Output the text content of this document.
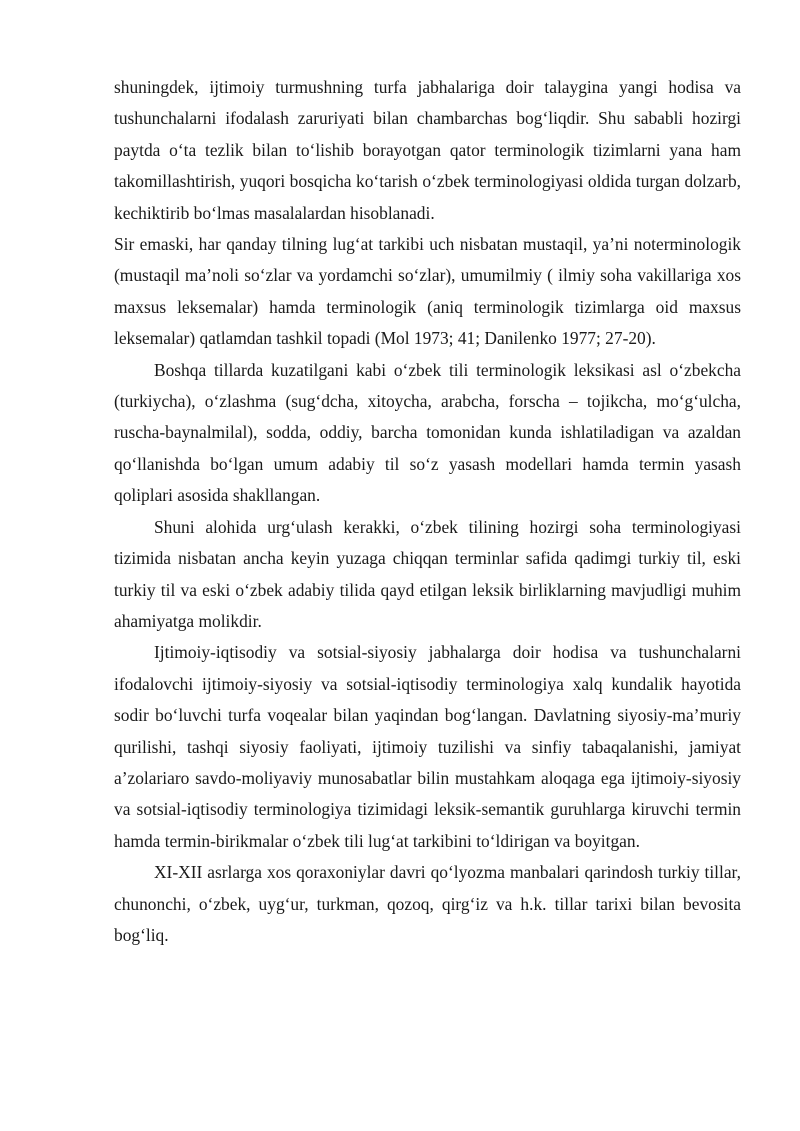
shuningdek, ijtimoiy turmushning turfa jabhalariga doir talaygina yangi hodisa va tushunchalarni ifodalash zaruriyati bilan chambarchas bog‘liqdir. Shu sababli hozirgi paytda o‘ta tezlik bilan to‘lishib borayotgan qator terminologik tizimlarni yana ham takomillashtirish, yuqori bosqicha ko‘tarish o‘zbek terminologiyasi oldida turgan dolzarb, kechiktirib bo‘lmas masalalardan hisoblanadi.

Sir emaski, har qanday tilning lug‘at tarkibi uch nisbatan mustaqil, ya’ni noterminologik (mustaqil ma’noli so‘zlar va yordamchi so‘zlar), umumilmiy ( ilmiy soha vakillariga xos maxsus leksemalar) hamda terminologik (aniq terminologik tizimlarga oid maxsus leksemalar) qatlamdan tashkil topadi (Mol 1973; 41; Danilenko 1977; 27-20).

Boshqa tillarda kuzatilgani kabi o‘zbek tili terminologik leksikasi asl o‘zbekcha (turkiycha), o‘zlashma (sug‘dcha, xitoycha, arabcha, forscha – tojikcha, mo‘g‘ulcha, ruscha-baynalmilal), sodda, oddiy, barcha tomonidan kunda ishlatiladigan va azaldan qo‘llanishda bo‘lgan umum adabiy til so‘z yasash modellari hamda termin yasash qoliplari asosida shakllangan.

Shuni alohida urg‘ulash kerakki, o‘zbek tilining hozirgi soha terminologiyasi tizimida nisbatan ancha keyin yuzaga chiqqan terminlar safida qadimgi turkiy til, eski turkiy til va eski o‘zbek adabiy tilida qayd etilgan leksik birliklarning mavjudligi muhim ahamiyatga molikdir.

Ijtimoiy-iqtisodiy va sotsial-siyosiy jabhalarga doir hodisa va tushunchalarni ifodalovchi ijtimoiy-siyosiy va sotsial-iqtisodiy terminologiya xalq kundalik hayotida sodir bo‘luvchi turfa voqealar bilan yaqindan bog‘langan. Davlatning siyosiy-ma’muriy qurilishi, tashqi siyosiy faoliyati, ijtimoiy tuzilishi va sinfiy tabaqalanishi, jamiyat a’zolariaro savdo-moliyaviy munosabatlar bilin mustahkam aloqaga ega ijtimoiy-siyosiy va sotsial-iqtisodiy terminologiya tizimidagi leksik-semantik guruhlarga kiruvchi termin hamda termin-birikmalar o‘zbek tili lug‘at tarkibini to‘ldirigan va boyitgan.

XI-XII asrlarga xos qoraxoniylar davri qo‘lyozma manbalari qarindosh turkiy tillar, chunonchi, o‘zbek, uyg‘ur, turkman, qozoq, qirg‘iz va h.k. tillar tarixi bilan bevosita bog‘liq.
